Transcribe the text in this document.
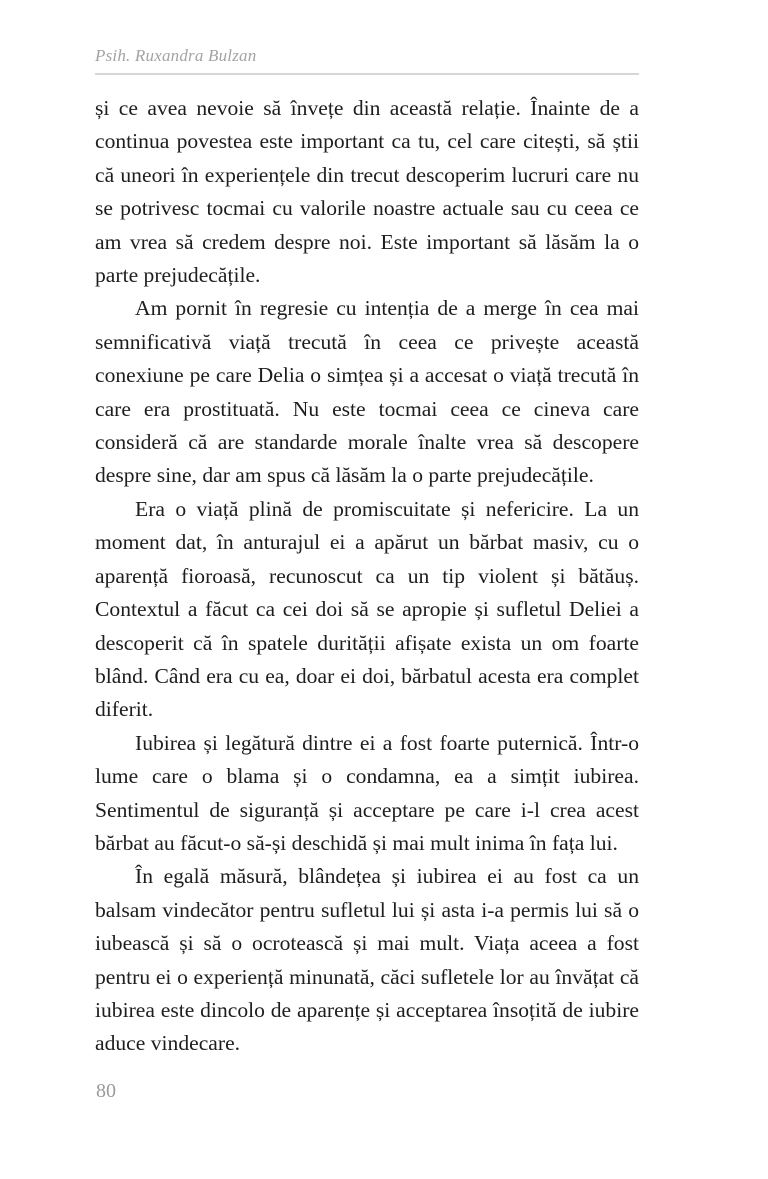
Psih. Ruxandra Bulzan

și ce avea nevoie să învețe din această relație. Înainte de a continua povestea este important ca tu, cel care citești, să știi că uneori în experiențele din trecut descoperim lucruri care nu se potrivesc tocmai cu valorile noastre actuale sau cu ceea ce am vrea să credem despre noi. Este important să lăsăm la o parte prejudecățile.

Am pornit în regresie cu intenția de a merge în cea mai semnificativă viață trecută în ceea ce privește această conexiune pe care Delia o simțea și a accesat o viață trecută în care era prostituată. Nu este tocmai ceea ce cineva care consideră că are standarde morale înalte vrea să descopere despre sine, dar am spus că lăsăm la o parte prejudecățile.

Era o viață plină de promiscuitate și nefericire. La un moment dat, în anturajul ei a apărut un bărbat masiv, cu o aparență fioroasă, recunoscut ca un tip violent și bătăuș. Contextul a făcut ca cei doi să se apropie și sufletul Deliei a descoperit că în spatele durității afișate exista un om foarte blând. Când era cu ea, doar ei doi, bărbatul acesta era complet diferit.

Iubirea și legătură dintre ei a fost foarte puternică. Într-o lume care o blama și o condamna, ea a simțit iubirea. Sentimentul de siguranță și acceptare pe care i-l crea acest bărbat au făcut-o să-și deschidă și mai mult inima în fața lui.

În egală măsură, blândețea și iubirea ei au fost ca un balsam vindecător pentru sufletul lui și asta i-a permis lui să o iubească și să o ocrotească și mai mult. Viața aceea a fost pentru ei o experiență minunată, căci sufletele lor au învățat că iubirea este dincolo de aparențe și acceptarea însoțită de iubire aduce vindecare.

80
